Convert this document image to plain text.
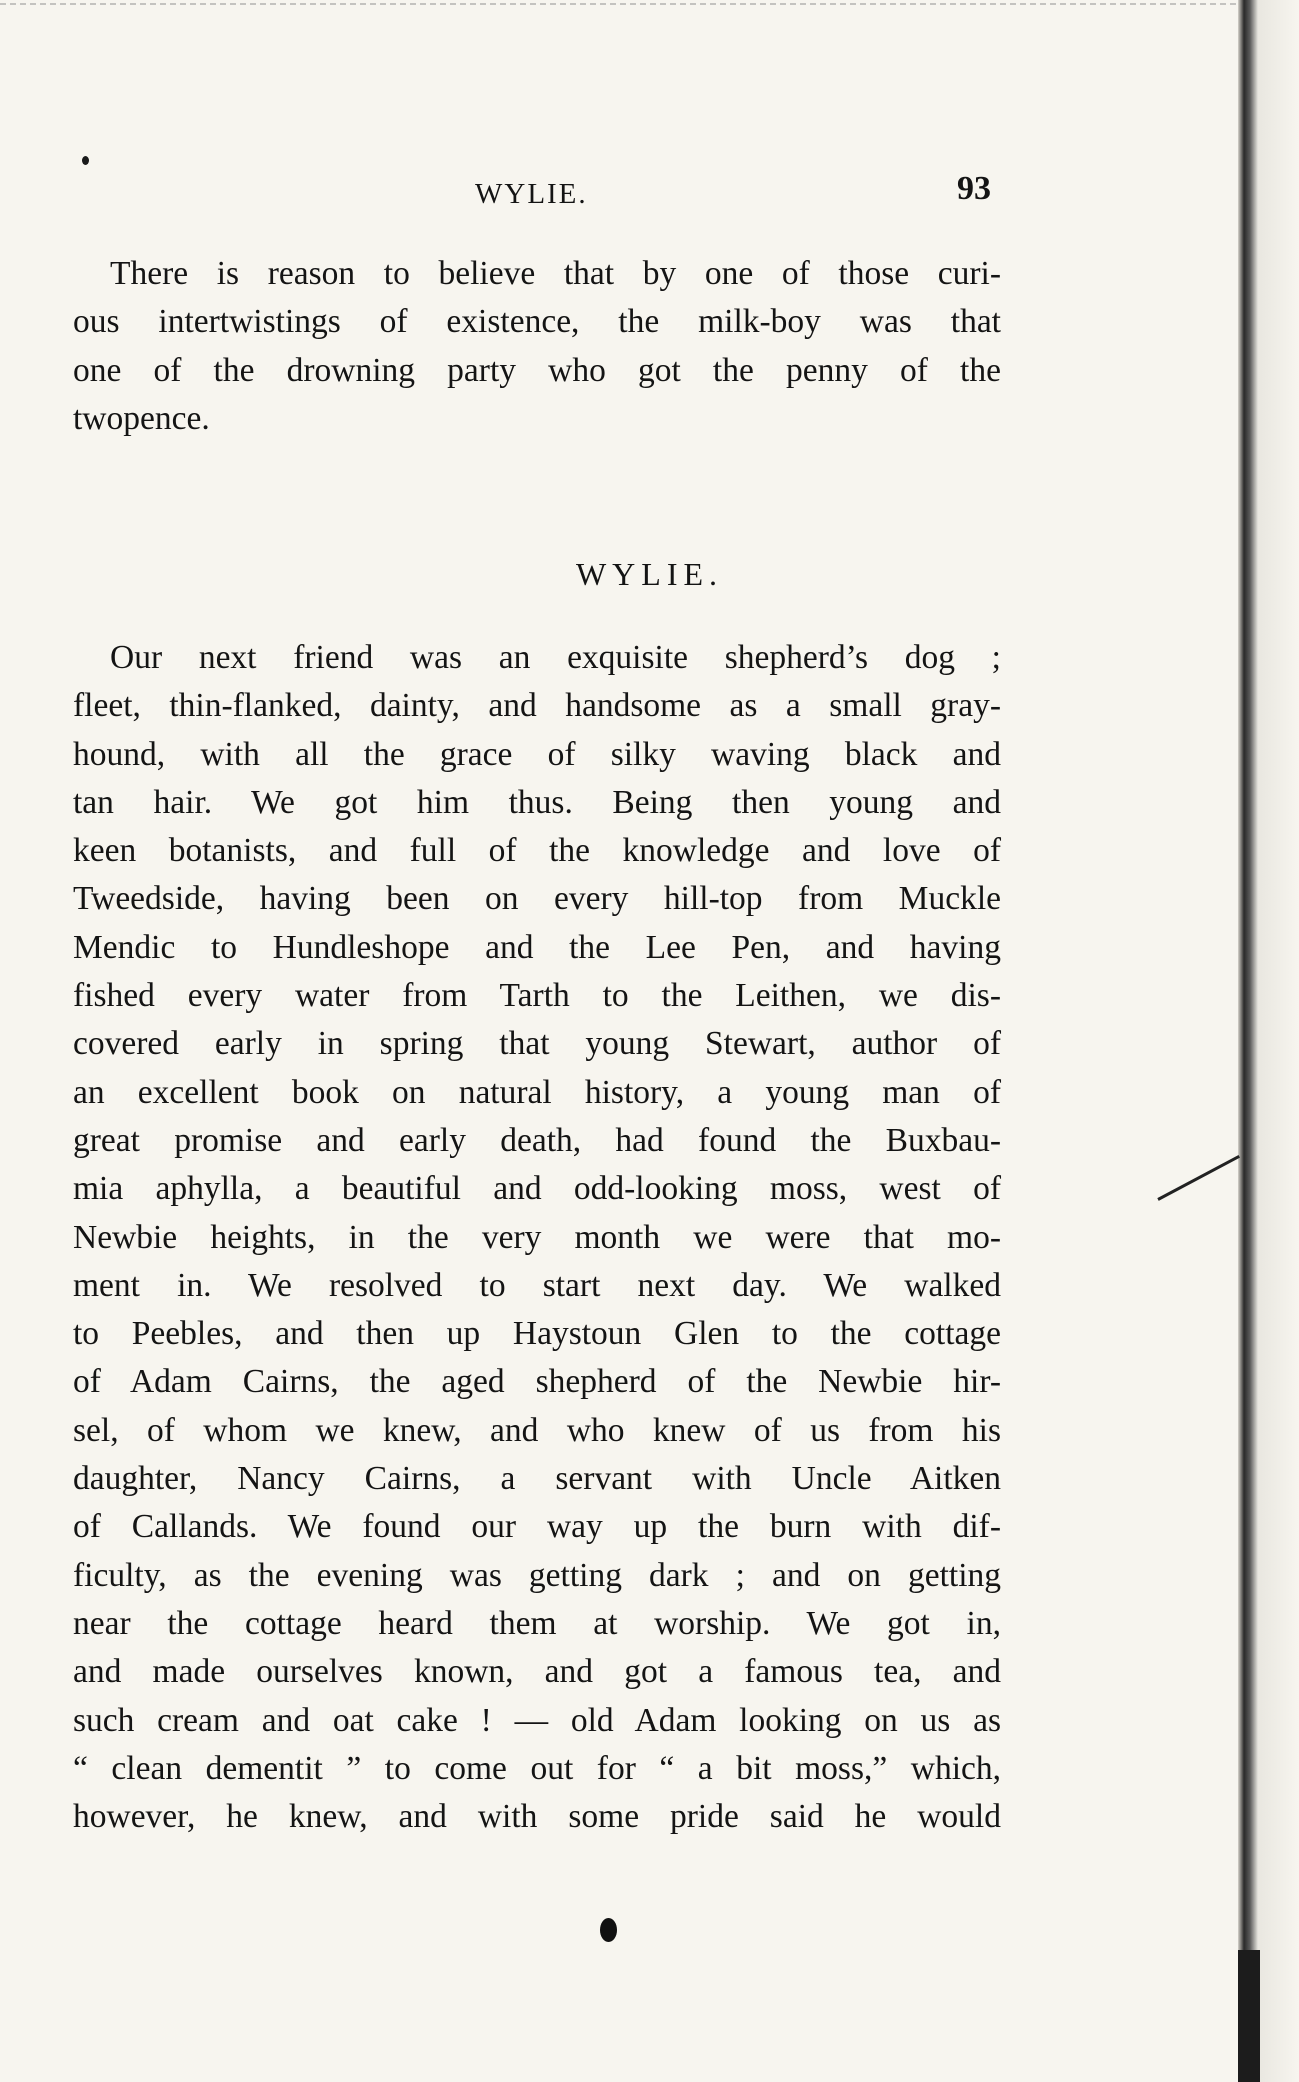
WYLIE.	93
There is reason to believe that by one of those curi-
ous intertwistings of existence, the milk-boy was that
one of the drowning party who got the penny of the
twopence.
WYLIE.
Our next friend was an exquisite shepherd’s dog ;
fleet, thin-flanked, dainty, and handsome as a small gray-
hound, with all the grace of silky waving black and
tan hair. We got him thus. Being then young and
keen botanists, and full of the knowledge and love of
Tweedside, having been on every hill-top from Muckle
Mendic to Hundleshope and the Lee Pen, and having
fished every water from Tarth to the Leithen, we dis-
covered early in spring that young Stewart, author of
an excellent book on natural history, a young man of
great promise and early death, had found the Buxbau-
mia aphylla, a beautiful and odd-looking moss, west of
Newbie heights, in the very month we were that mo-
ment in. We resolved to start next day. We walked
to Peebles, and then up Haystoun Glen to the cottage
of Adam Cairns, the aged shepherd of the Newbie hir-
sel, of whom we knew, and who knew of us from his
daughter, Nancy Cairns, a servant with Uncle Aitken
of Callands. We found our way up the burn with dif-
ficulty, as the evening was getting dark ; and on getting
near the cottage heard them at worship. We got in,
and made ourselves known, and got a famous tea, and
such cream and oat cake ! — old Adam looking on us as
“ clean dementit ” to come out for “ a bit moss,” which,
however, he knew, and with some pride said he would
